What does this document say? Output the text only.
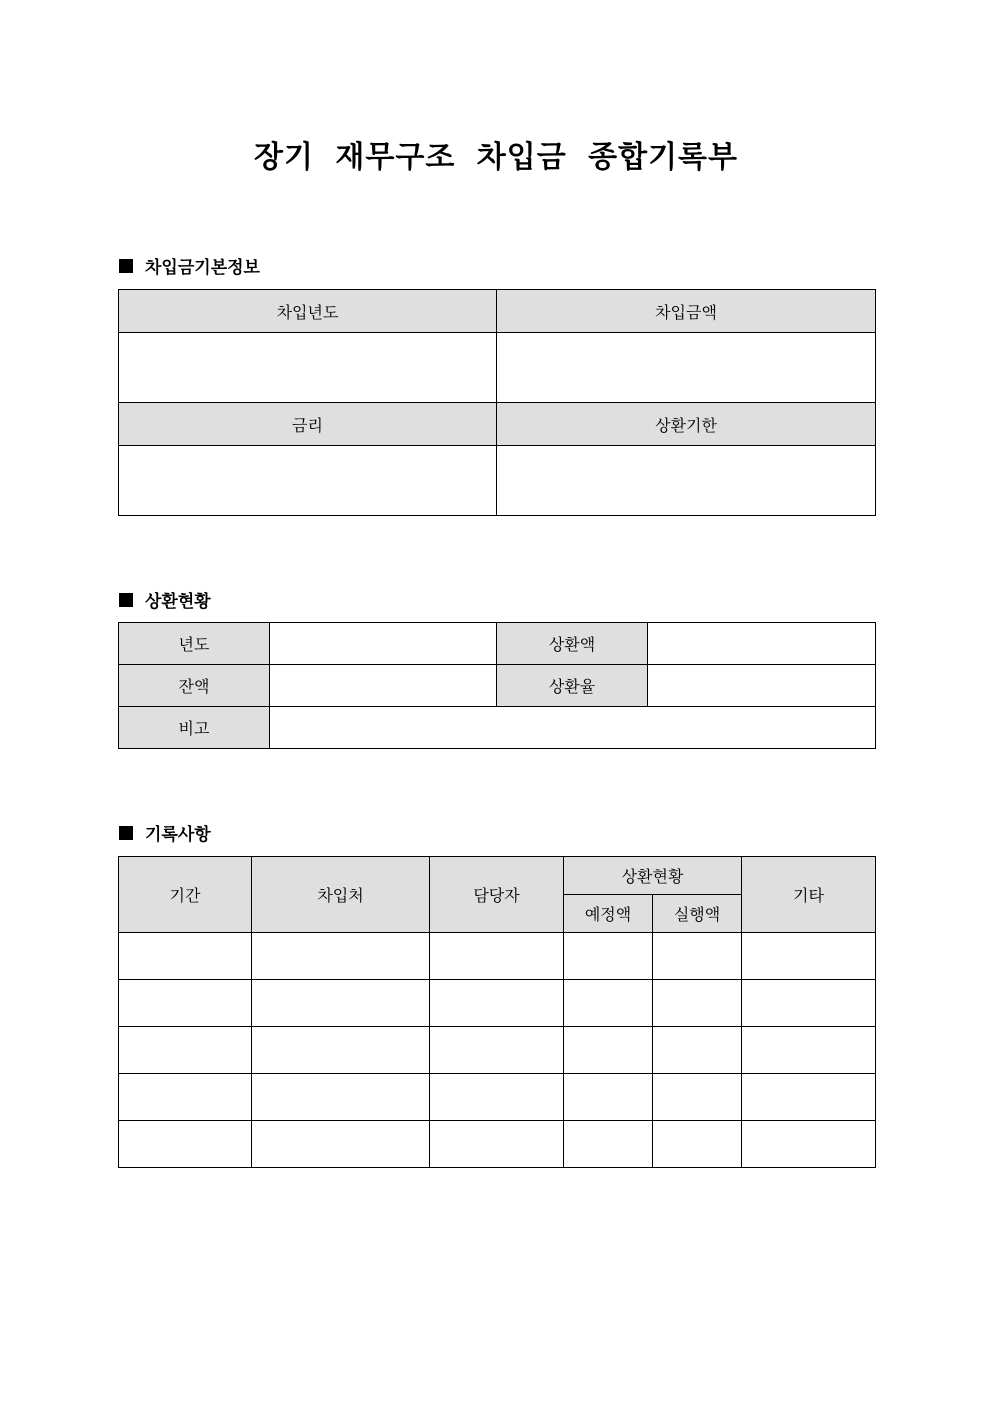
장기 재무구조 차입금 종합기록부
차입금기본정보
차입년도	차입금액

금리	상환기한

상환현황
년도		상환액	
잔액		상환율	
비고			
기록사항
기간	차입처	담당자	상환현황		기타
			예정액	실행액	
